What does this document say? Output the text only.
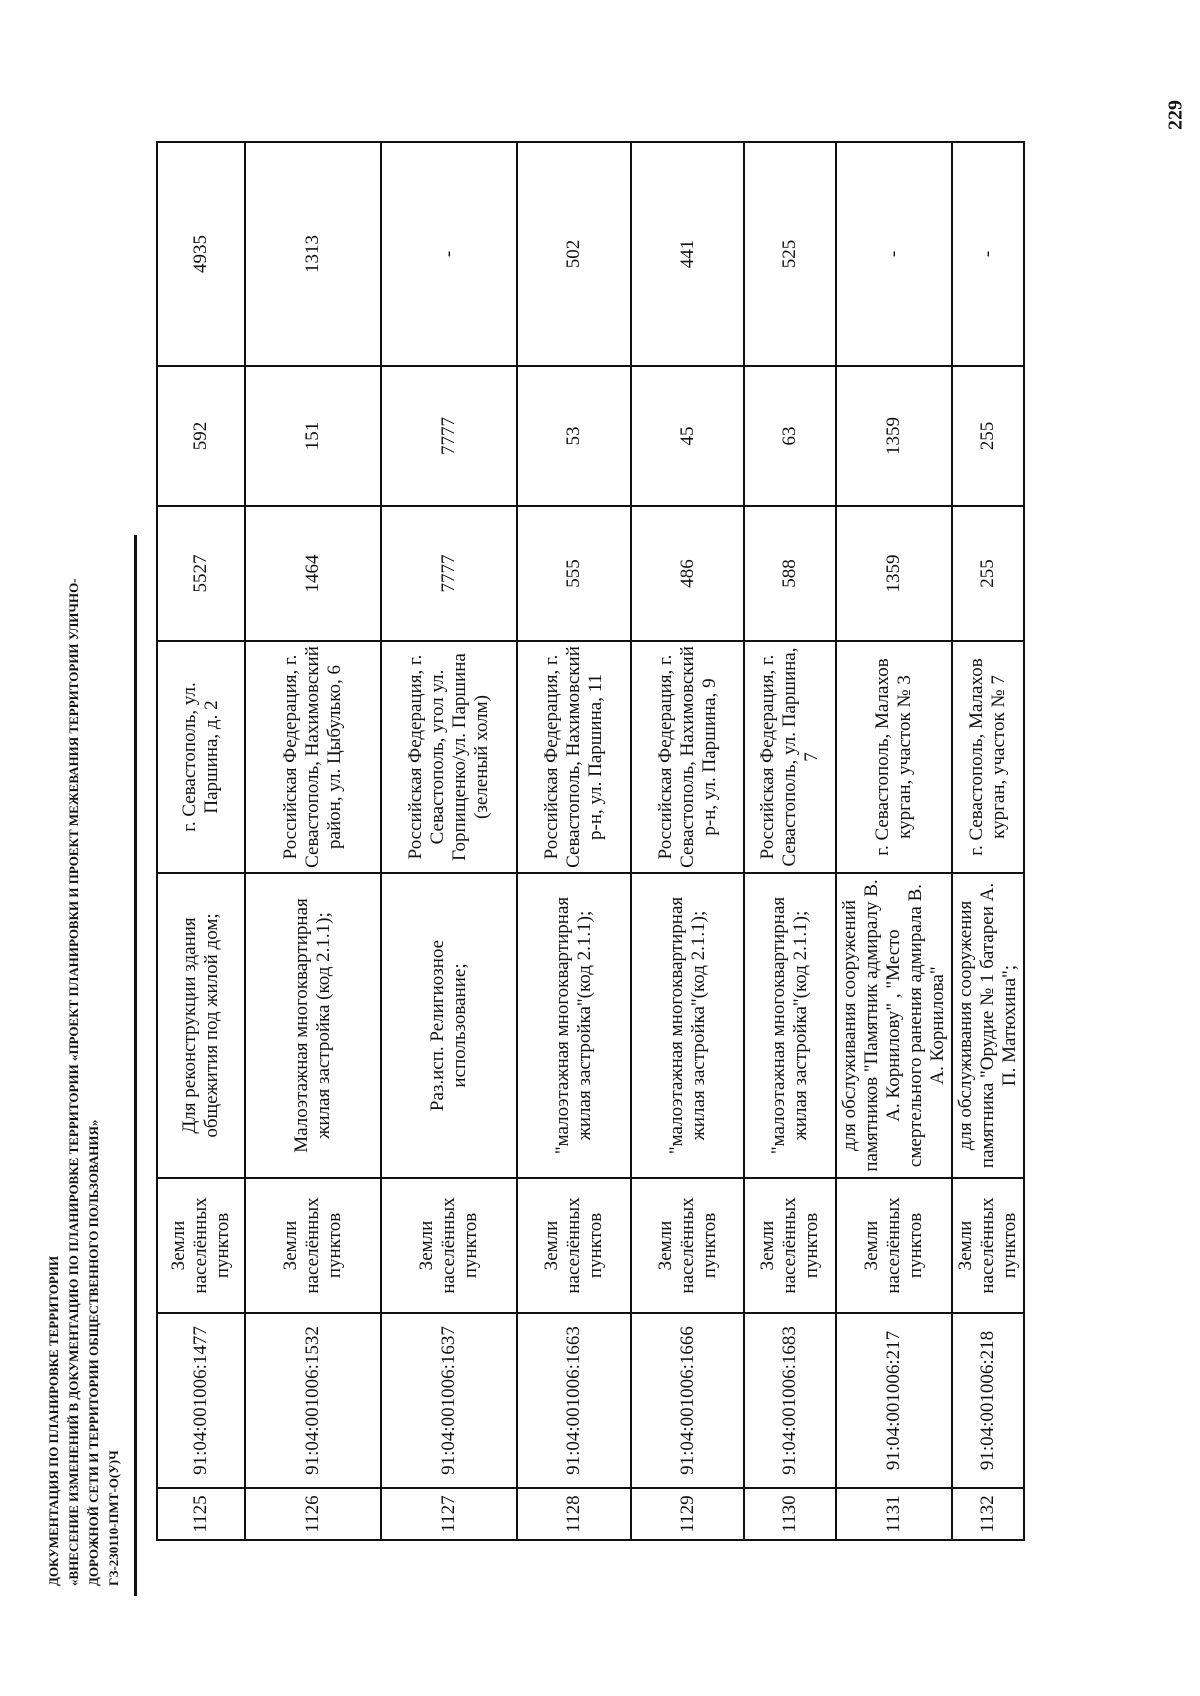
229
ДОКУМЕНТАЦИЯ ПО ПЛАНИРОВКЕ ТЕРРИТОРИИ «ВНЕСЕНИЕ ИЗМЕНЕНИЙ В ДОКУМЕНТАЦИЮ ПО ПЛАНИРОВКЕ ТЕРРИТОРИИ «ПРОЕКТ ПЛАНИРОВКИ И ПРОЕКТ МЕЖЕВАНИЯ ТЕРРИТОРИИ УЛИЧНО- ДОРОЖНОЙ СЕТИ И ТЕРРИТОРИИ ОБЩЕСТВЕННОГО ПОЛЬЗОВАНИЯ» ГЗ-230110-ПМТ-О(У)Ч	1125	91:04:001006:1477	Земли населённых пунктов	Для реконструкции здания общежития под жилой дом;	г. Севастополь, ул. Паршина, д. 2	5527	592	4935
1126	91:04:001006:1532	Земли населённых пунктов	Малоэтажная многоквартирная жилая застройка (код 2.1.1);	Российская Федерация, г. Севастополь, Нахимовский район, ул. Цыбулько, 6	1464	151	1313
1127	91:04:001006:1637	Земли населённых пунктов	Раз.исп. Религиозное использование;	Российская Федерация, г. Севастополь, угол ул. Горпищенко/ул. Паршина (зеленый холм)	7777	7777	-
1128	91:04:001006:1663	Земли населённых пунктов	"малоэтажная многоквартирная жилая застройка"(код 2.1.1);	Российская Федерация, г. Севастополь, Нахимовский р-н, ул. Паршина, 11	555	53	502
1129	91:04:001006:1666	Земли населённых пунктов	"малоэтажная многоквартирная жилая застройка"(код 2.1.1);	Российская Федерация, г. Севастополь, Нахимовский р-н, ул. Паршина, 9	486	45	441
1130	91:04:001006:1683	Земли населённых пунктов	"малоэтажная многоквартирная жилая застройка"(код 2.1.1);	Российская Федерация, г. Севастополь, ул. Паршина, 7	588	63	525
1131	91:04:001006:217	Земли населённых пунктов	для обслуживания сооружений памятников "Памятник адмиралу В. А. Корнилову" , "Место смертельного ранения адмирала В. А. Корнилова"	г. Севастополь, Малахов курган, участок № 3	1359	1359	-
1132	91:04:001006:218	Земли населённых пунктов	для обслуживания сооружения памятника "Орудие № 1 батареи А. П. Матюхина";	г. Севастополь, Малахов курган, участок № 7	255	255	-
